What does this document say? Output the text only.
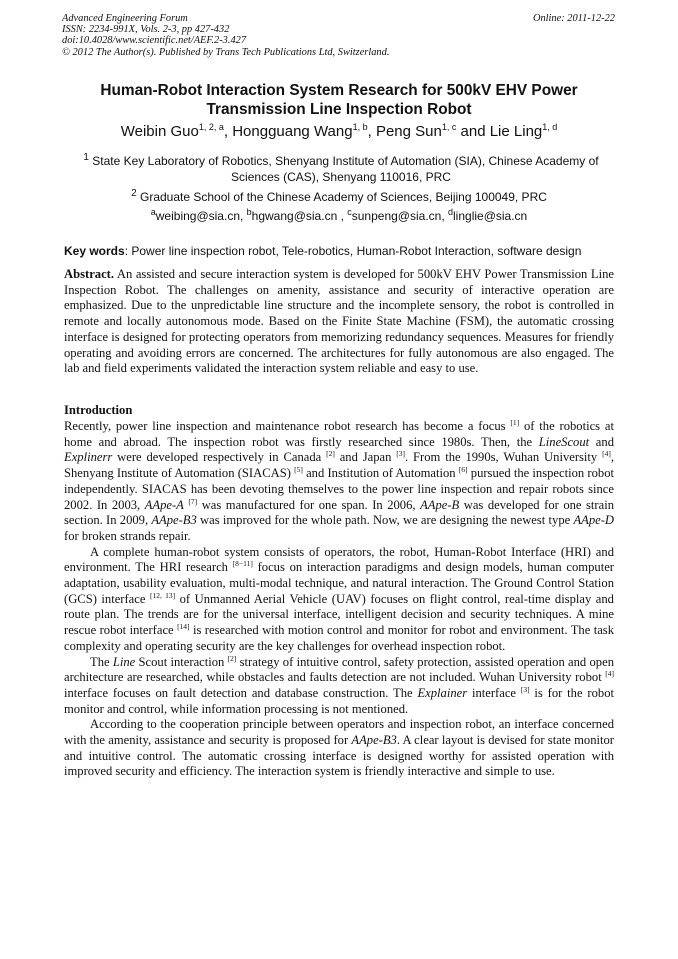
Advanced Engineering Forum	Online: 2011-12-22
ISSN: 2234-991X, Vols. 2-3, pp 427-432
doi:10.4028/www.scientific.net/AEF.2-3.427
© 2012 The Author(s). Published by Trans Tech Publications Ltd, Switzerland.
Human-Robot Interaction System Research for 500kV EHV Power
Transmission Line Inspection Robot
Weibin Guo$^{1, 2, a}$, Hongguang Wang$^{1, b}$, Peng Sun$^{1, c}$ and Lie Ling$^{1, d}$
$^1$ State Key Laboratory of Robotics, Shenyang Institute of Automation (SIA), Chinese Academy of Sciences (CAS), Shenyang 110016, PRC
$^2$ Graduate School of the Chinese Academy of Sciences, Beijing 100049, PRC
$^a$weibing@sia.cn, $^b$hgwang@sia.cn , $^c$sunpeng@sia.cn, $^d$linglie@sia.cn
Key words: Power line inspection robot, Tele-robotics, Human-Robot Interaction, software design

Abstract. An assisted and secure interaction system is developed for 500kV EHV Power Transmission Line Inspection Robot. The challenges on amenity, assistance and security of interactive operation are emphasized. Due to the unpredictable line structure and the incomplete sensory, the robot is controlled in remote and locally autonomous mode. Based on the Finite State Machine (FSM), the automatic crossing interface is designed for protecting operators from memorizing redundancy sequences. Measures for friendly operating and avoiding errors are concerned. The architectures for fully autonomous are also engaged. The lab and field experiments validated the interaction system reliable and easy to use.

Introduction

Recently, power line inspection and maintenance robot research has become a focus [1] of the robotics at home and abroad. The inspection robot was firstly researched since 1980s. Then, the LineScout and Explinerr were developed respectively in Canada [2] and Japan [3]. From the 1990s, Wuhan University [4], Shenyang Institute of Automation (SIACAS) [5] and Institution of Automation [6] pursued the inspection robot independently. SIACAS has been devoting themselves to the power line inspection and repair robots since 2002. In 2003, AApe-A [7] was manufactured for one span. In 2006, AApe-B was developed for one strain section. In 2009, AApe-B3 was improved for the whole path. Now, we are designing the newest type AApe-D for broken strands repair.

A complete human-robot system consists of operators, the robot, Human-Robot Interface (HRI) and environment. The HRI research [8−11] focus on interaction paradigms and design models, human computer adaptation, usability evaluation, multi-modal technique, and natural interaction. The Ground Control Station (GCS) interface [12, 13] of Unmanned Aerial Vehicle (UAV) focuses on flight control, real-time display and route plan. The trends are for the universal interface, intelligent decision and security techniques. A mine rescue robot interface [14] is researched with motion control and monitor for robot and environment. The task complexity and operating security are the key challenges for overhead inspection robot.

The Line Scout interaction [2] strategy of intuitive control, safety protection, assisted operation and open architecture are researched, while obstacles and faults detection are not included. Wuhan University robot [4] interface focuses on fault detection and database construction. The Explainer interface [3] is for the robot monitor and control, while information processing is not mentioned.

According to the cooperation principle between operators and inspection robot, an interface concerned with the amenity, assistance and security is proposed for AApe-B3. A clear layout is devised for state monitor and intuitive control. The automatic crossing interface is designed worthy for assisted operation with improved security and efficiency. The interaction system is friendly interactive and simple to use.
